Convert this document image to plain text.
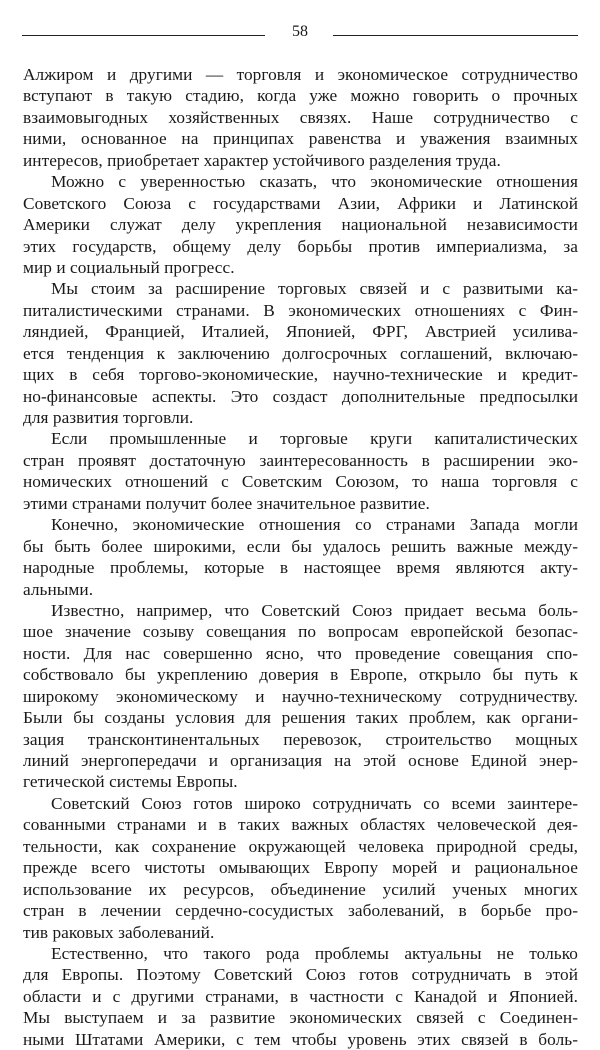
58
Алжиром и другими — торговля и экономическое сотрудничество
вступают в такую стадию, когда уже можно говорить о прочных
взаимовыгодных хозяйственных связях. Наше сотрудничество с
ними, основанное на принципах равенства и уважения взаимных
интересов, приобретает характер устойчивого разделения труда.
Можно с уверенностью сказать, что экономические отношения
Советского Союза с государствами Азии, Африки и Латинской
Америки служат делу укрепления национальной независимости
этих государств, общему делу борьбы против империализма, за
мир и социальный прогресс.
Мы стоим за расширение торговых связей и с развитыми ка-
питалистическими странами. В экономических отношениях с Фин-
ляндией, Францией, Италией, Японией, ФРГ, Австрией усилива-
ется тенденция к заключению долгосрочных соглашений, включаю-
щих в себя торгово-экономические, научно-технические и кредит-
но-финансовые аспекты. Это создаст дополнительные предпосылки
для развития торговли.
Если промышленные и торговые круги капиталистических
стран проявят достаточную заинтересованность в расширении эко-
номических отношений с Советским Союзом, то наша торговля с
этими странами получит более значительное развитие.
Конечно, экономические отношения со странами Запада могли
бы быть более широкими, если бы удалось решить важные между-
народные проблемы, которые в настоящее время являются акту-
альными.
Известно, например, что Советский Союз придает весьма боль-
шое значение созыву совещания по вопросам европейской безопас-
ности. Для нас совершенно ясно, что проведение совещания спо-
собствовало бы укреплению доверия в Европе, открыло бы путь к
широкому экономическому и научно-техническому сотрудничеству.
Были бы созданы условия для решения таких проблем, как органи-
зация трансконтинентальных перевозок, строительство мощных
линий энергопередачи и организация на этой основе Единой энер-
гетической системы Европы.
Советский Союз готов широко сотрудничать со всеми заинтере-
сованными странами и в таких важных областях человеческой дея-
тельности, как сохранение окружающей человека природной среды,
прежде всего чистоты омывающих Европу морей и рациональное
использование их ресурсов, объединение усилий ученых многих
стран в лечении сердечно-сосудистых заболеваний, в борьбе про-
тив раковых заболеваний.
Естественно, что такого рода проблемы актуальны не только
для Европы. Поэтому Советский Союз готов сотрудничать в этой
области и с другими странами, в частности с Канадой и Японией.
Мы выступаем и за развитие экономических связей с Соединен-
ными Штатами Америки, с тем чтобы уровень этих связей в боль-
